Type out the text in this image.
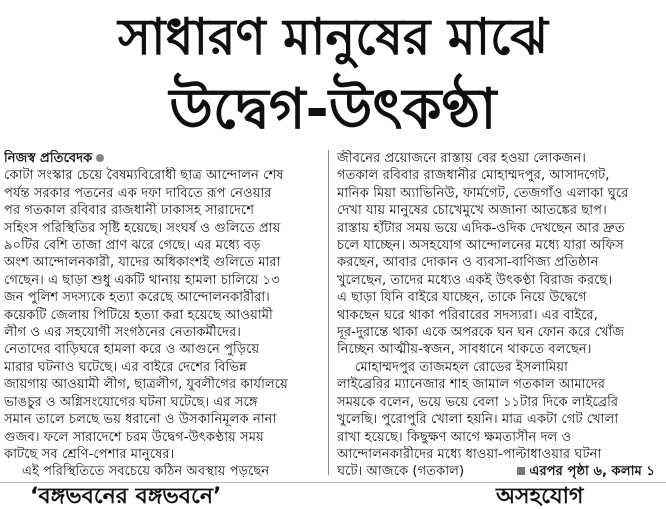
সাধারণ মানুষের মাঝে
উদ্বেগ-উৎকণ্ঠা
নিজস্ব প্রতিবেদক
কোটা সংস্কার চেয়ে বৈষম্যবিরোধী ছাত্র আন্দোলন শেষ
পর্যন্ত সরকার পতনের এক দফা দাবিতে রূপ নেওয়ার
পর গতকাল রবিবার রাজধানী ঢাকাসহ সারাদেশে
সহিংস পরিস্থিতির সৃষ্টি হয়েছে। সংঘর্ষ ও গুলিতে প্রায়
৯০টির বেশি তাজা প্রাণ ঝরে গেছে। এর মধ্যে বড়
অংশ আন্দোলনকারী, যাদের অধিকাংশই গুলিতে মারা
গেছেন। এ ছাড়া শুধু একটি থানায় হামলা চালিয়ে ১৩
জন পুলিশ সদস্যকে হত্যা করেছে আন্দোলনকারীরা।
কয়েকটি জেলায় পিটিয়ে হত্যা করা হয়েছে আওয়ামী
লীগ ও এর সহযোগী সংগঠনের নেতাকর্মীদের।
নেতাদের বাড়িঘরে হামলা করে ও আগুনে পুড়িয়ে
মারার ঘটনাও ঘটেছে। এর বাইরে দেশের বিভিন্ন
জায়গায় আওয়ামী লীগ, ছাত্রলীগ, যুবলীগের কার্যালয়ে
ভাঙচুর ও অগ্নিসংযোগের ঘটনা ঘটেছে। এর সঙ্গে
সমান তালে চলছে ভয় ধরানো ও উসকানিমূলক নানা
গুজব। ফলে সারাদেশে চরম উদ্বেগ-উৎকণ্ঠায় সময়
কাটছে সব শ্রেণি-পেশার মানুষের।
এই পরিস্থিতিতে সবচেয়ে কঠিন অবস্থায় পড়ছেন
জীবনের প্রয়োজনে রাস্তায় বের হওয়া লোকজন।
গতকাল রবিবার রাজধানীর মোহাম্মদপুর, আসাদগেট,
মানিক মিয়া অ্যাভিনিউ, ফার্মগেট, তেজগাঁও এলাকা ঘুরে
দেখা যায় মানুষের চোখেমুখে অজানা আতঙ্কের ছাপ।
রাস্তায় হাঁটার সময় ভয়ে এদিক-ওদিক দেখছেন আর দ্রুত
চলে যাচ্ছেন। অসহযোগ আন্দোলনের মধ্যে যারা অফিস
করছেন, আবার দোকান ও ব্যবসা-বাণিজ্য প্রতিষ্ঠান
খুলেছেন, তাদের মধ্যেও একই উৎকণ্ঠা বিরাজ করছে।
এ ছাড়া যিনি বাইরে যাচ্ছেন, তাকে নিয়ে উদ্বেগে
থাকছেন ঘরে থাকা পরিবারের সদস্যরা। এর বাইরে,
দূর-দুরান্তে থাকা একে অপরকে ঘন ঘন ফোন করে খোঁজ
নিচ্ছেন আত্মীয়-স্বজন, সাবধানে থাকতে বলছেন।
মোহাম্মদপুর তাজমহল রোডের ইসলামিয়া
লাইব্রেরির ম্যানেজার শাহ জামাল গতকাল আমাদের
সময়কে বলেন, ভয়ে ভয়ে বেলা ১১টার দিকে লাইব্রেরি
খুলেছি। পুরোপুরি খোলা হয়নি। মাত্র একটা গেট খোলা
রাখা হয়েছে। কিছুক্ষণ আগে ক্ষমতাসীন দল ও
আন্দোলনকারীদের মধ্যে ধাওয়া-পাল্টাধাওয়ার ঘটনা
ঘটে। আজকে (গতকাল)	এরপর পৃষ্ঠা ৬, কলাম ১
‘বঙ্গভবনের বঙ্গভবনে’	অসহযোগ
